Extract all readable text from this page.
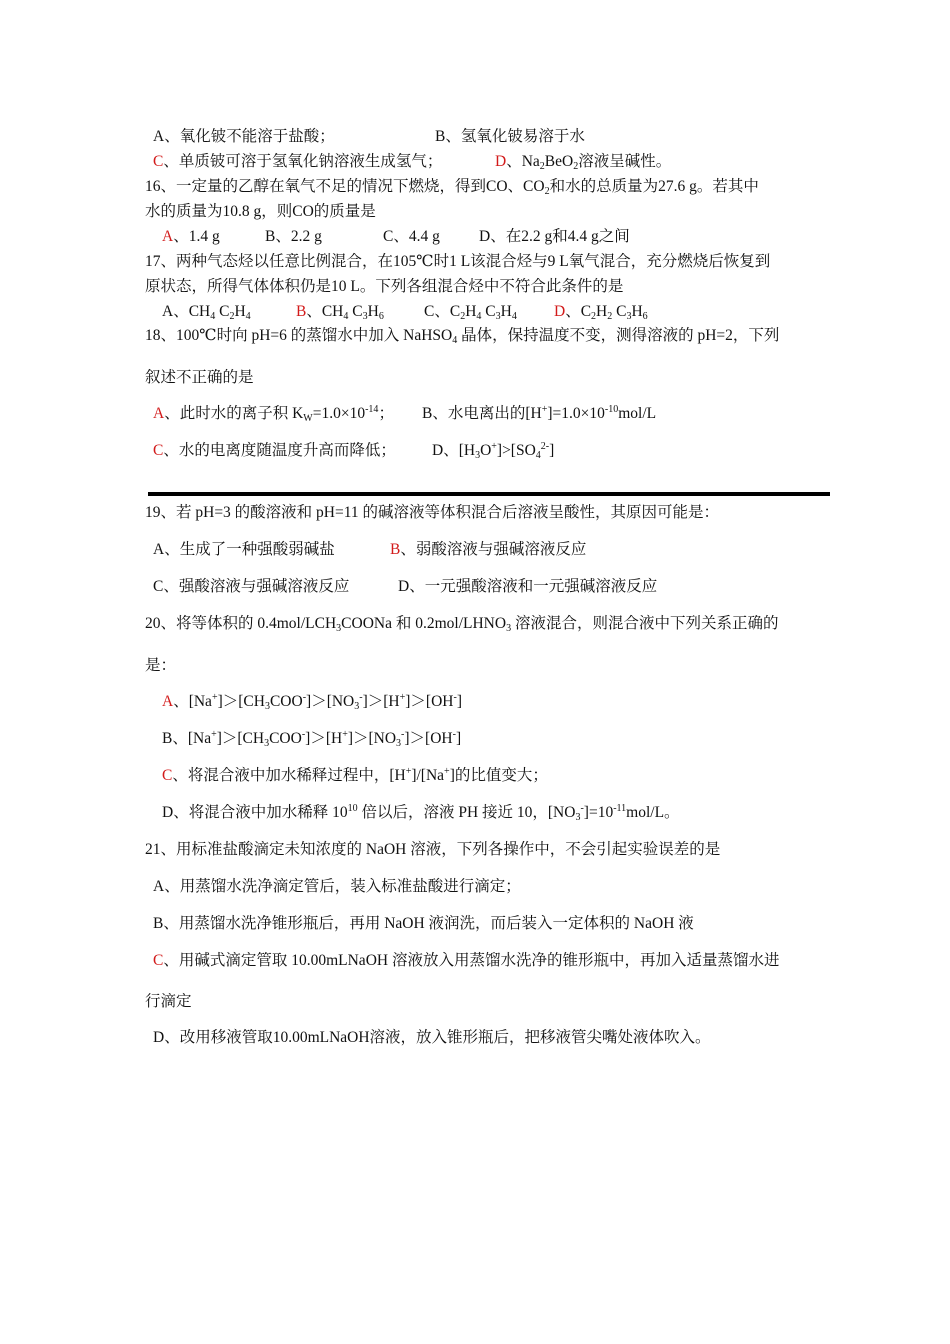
A、氧化铍不能溶于盐酸；	B、氢氧化铍易溶于水
C、单质铍可溶于氢氧化钠溶液生成氢气；	D、$Na_2BeO_2$溶液呈碱性。
16、一定量的乙醇在氧气不足的情况下燃烧，得到CO、$CO_2$和水的总质量为27.6 g。若其中
水的质量为10.8 g，则CO的质量是
A、1.4 g	B、2.2 g	C、4.4 g	D、在2.2 g和4.4 g之间
17、两种气态烃以任意比例混合，在105℃时1 L该混合烃与9 L氧气混合，充分燃烧后恢复到
原状态，所得气体体积仍是10 L。下列各组混合烃中不符合此条件的是
A、$CH_4$ $C_2H_4$	B、$CH_4$ $C_3H_6$	C、$C_2H_4$ $C_3H_4$ D、$C_2H_2$ $C_3H_6$
18、100℃时向 pH=6 的蒸馏水中加入 NaHSO$_4$ 晶体，保持温度不变，测得溶液的 pH=2，下列
叙述不正确的是
A、此时水的离子积 $K_W=1.0\times 10^{-14}$； B、水电离出的$[H^+]=1.0\times 10^{-10}mol/L$
C、水的电离度随温度升高而降低； D、$[H_3O^+]>[SO_4^{2-}]$
19、若 pH=3 的酸溶液和 pH=11 的碱溶液等体积混合后溶液呈酸性，其原因可能是：
A、生成了一种强酸弱碱盐	B、弱酸溶液与强碱溶液反应
C、强酸溶液与强碱溶液反应	D、一元强酸溶液和一元强碱溶液反应
20、将等体积的 $0.4mol/LCH_3COONa$ 和 $0.2mol/LHNO_3$ 溶液混合，则混合液中下列关系正确的
是：
A、$[Na^+]>[CH_3COO^-]>[NO_3^-]>[H^+]>[OH^-]$
B、$[Na^+]>[CH_3COO^-]>[H^+]>[NO_3^-]>[OH^-]$
C、将混合液中加水稀释过程中，[H+]/[Na+]的比值变大；
D、将混合液中加水稀释 $10^{10}$ 倍以后，溶液 PH 接近 10，$[NO_3^-]=10^{-11}mol/L$。
21、用标准盐酸滴定未知浓度的 NaOH 溶液，下列各操作中，不会引起实验误差的是
A、用蒸馏水洗净滴定管后，装入标准盐酸进行滴定；
B、用蒸馏水洗净锥形瓶后，再用 NaOH 液润洗，而后装入一定体积的 NaOH 液
C、用碱式滴定管取 10.00mLNaOH 溶液放入用蒸馏水洗净的锥形瓶中，再加入适量蒸馏水进
行滴定
D、改用移液管取10.00mLNaOH溶液，放入锥形瓶后，把移液管尖嘴处液体吹入。
